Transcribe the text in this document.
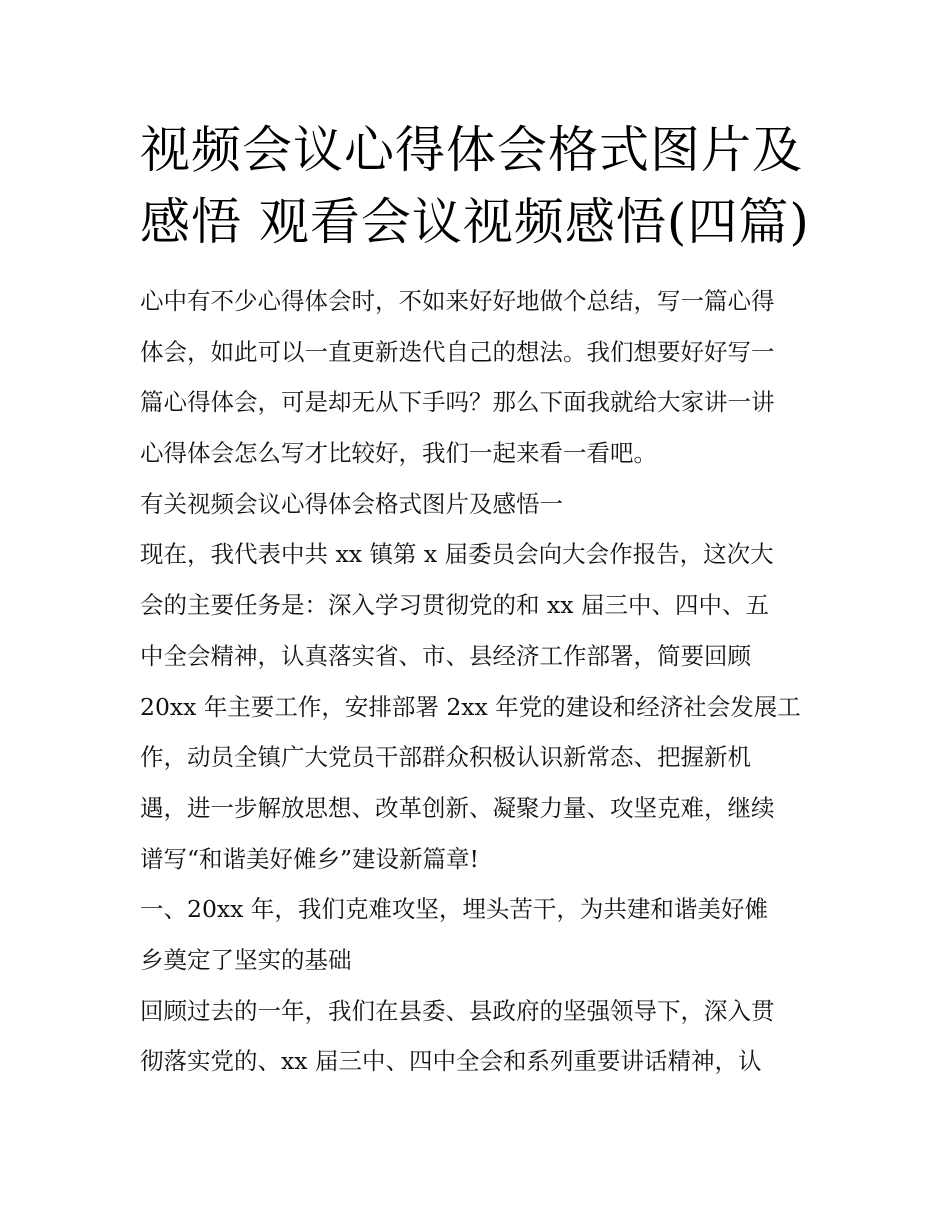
视频会议心得体会格式图片及
感悟 观看会议视频感悟(四篇)
心中有不少心得体会时，不如来好好地做个总结，写一篇心得
体会，如此可以一直更新迭代自己的想法。我们想要好好写一
篇心得体会，可是却无从下手吗？那么下面我就给大家讲一讲
心得体会怎么写才比较好，我们一起来看一看吧。
有关视频会议心得体会格式图片及感悟一
现在，我代表中共 xx 镇第 x 届委员会向大会作报告，这次大
会的主要任务是：深入学习贯彻党的和 xx 届三中、四中、五
中全会精神，认真落实省、市、县经济工作部署，简要回顾
20xx 年主要工作，安排部署 2xx 年党的建设和经济社会发展工
作，动员全镇广大党员干部群众积极认识新常态、把握新机
遇，进一步解放思想、改革创新、凝聚力量、攻坚克难，继续
谱写“和谐美好傩乡”建设新篇章!
一、20xx 年，我们克难攻坚，埋头苦干，为共建和谐美好傩
乡奠定了坚实的基础
回顾过去的一年，我们在县委、县政府的坚强领导下，深入贯
彻落实党的、xx 届三中、四中全会和系列重要讲话精神，认
